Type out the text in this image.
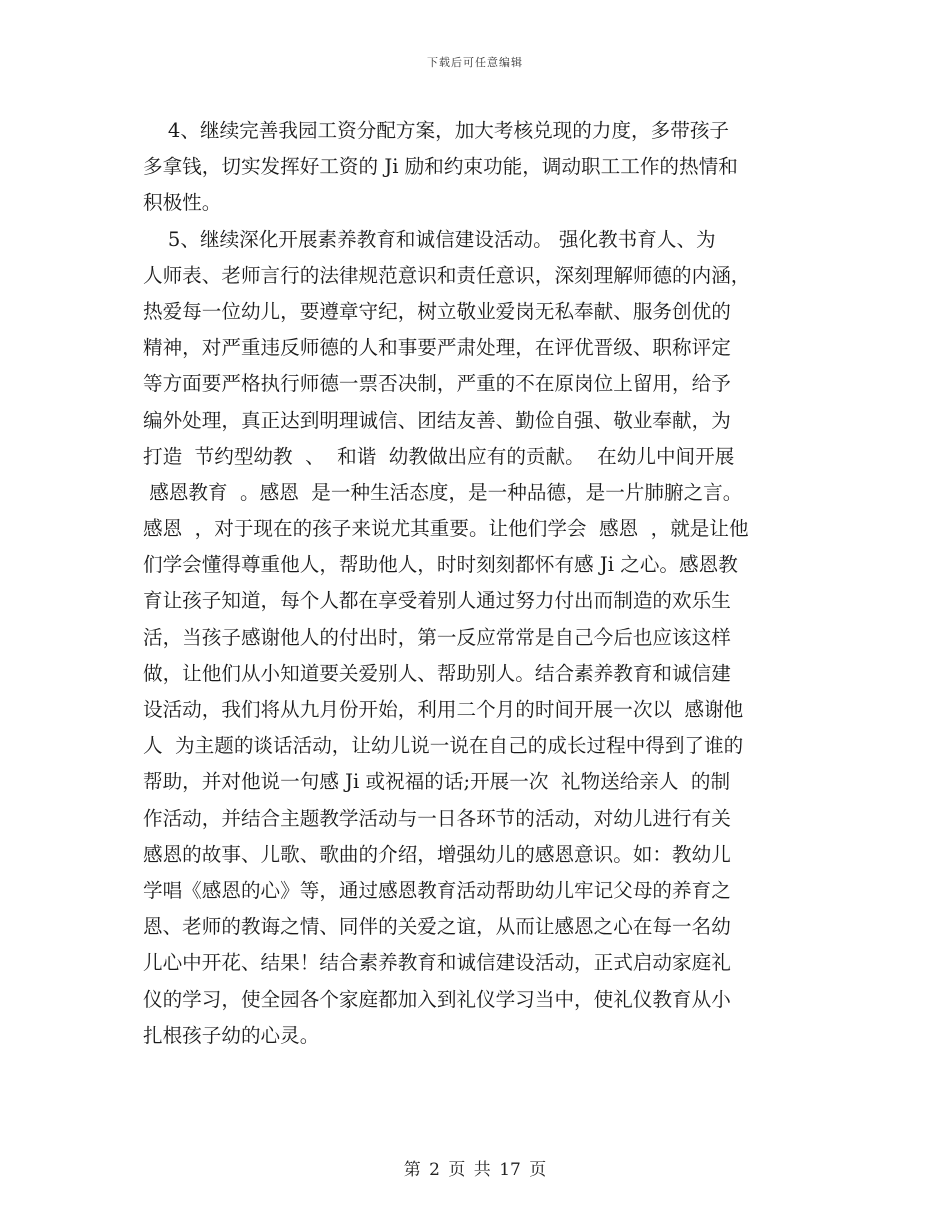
下载后可任意编辑
4、继续完善我园工资分配方案，加大考核兑现的力度，多带孩子
多拿钱，切实发挥好工资的 Ji 励和约束功能，调动职工工作的热情和
积极性。
5、继续深化开展素养教育和诚信建设活动。 强化教书育人、为
人师表、老师言行的法律规范意识和责任意识，深刻理解师德的内涵，
热爱每一位幼儿，要遵章守纪，树立敬业爱岗无私奉献、服务创优的
精神，对严重违反师德的人和事要严肃处理，在评优晋级、职称评定
等方面要严格执行师德一票否决制，严重的不在原岗位上留用，给予
编外处理，真正达到明理诚信、团结友善、勤俭自强、敬业奉献，为
打造  节约型幼教  、  和谐  幼教做出应有的贡献。  在幼儿中间开展
感恩教育  。感恩  是一种生活态度，是一种品德，是一片肺腑之言。
感恩  ，对于现在的孩子来说尤其重要。让他们学会  感恩  ，就是让他
们学会懂得尊重他人，帮助他人，时时刻刻都怀有感 Ji 之心。感恩教
育让孩子知道，每个人都在享受着别人通过努力付出而制造的欢乐生
活，当孩子感谢他人的付出时，第一反应常常是自己今后也应该这样
做，让他们从小知道要关爱别人、帮助别人。结合素养教育和诚信建
设活动，我们将从九月份开始，利用二个月的时间开展一次以  感谢他
人  为主题的谈话活动，让幼儿说一说在自己的成长过程中得到了谁的
帮助，并对他说一句感 Ji 或祝福的话;开展一次  礼物送给亲人  的制
作活动，并结合主题教学活动与一日各环节的活动，对幼儿进行有关
感恩的故事、儿歌、歌曲的介绍，增强幼儿的感恩意识。如：教幼儿
学唱《感恩的心》等，通过感恩教育活动帮助幼儿牢记父母的养育之
恩、老师的教诲之情、同伴的关爱之谊，从而让感恩之心在每一名幼
儿心中开花、结果！结合素养教育和诚信建设活动，正式启动家庭礼
仪的学习，使全园各个家庭都加入到礼仪学习当中，使礼仪教育从小
扎根孩子幼的心灵。
第 2 页 共 17 页
